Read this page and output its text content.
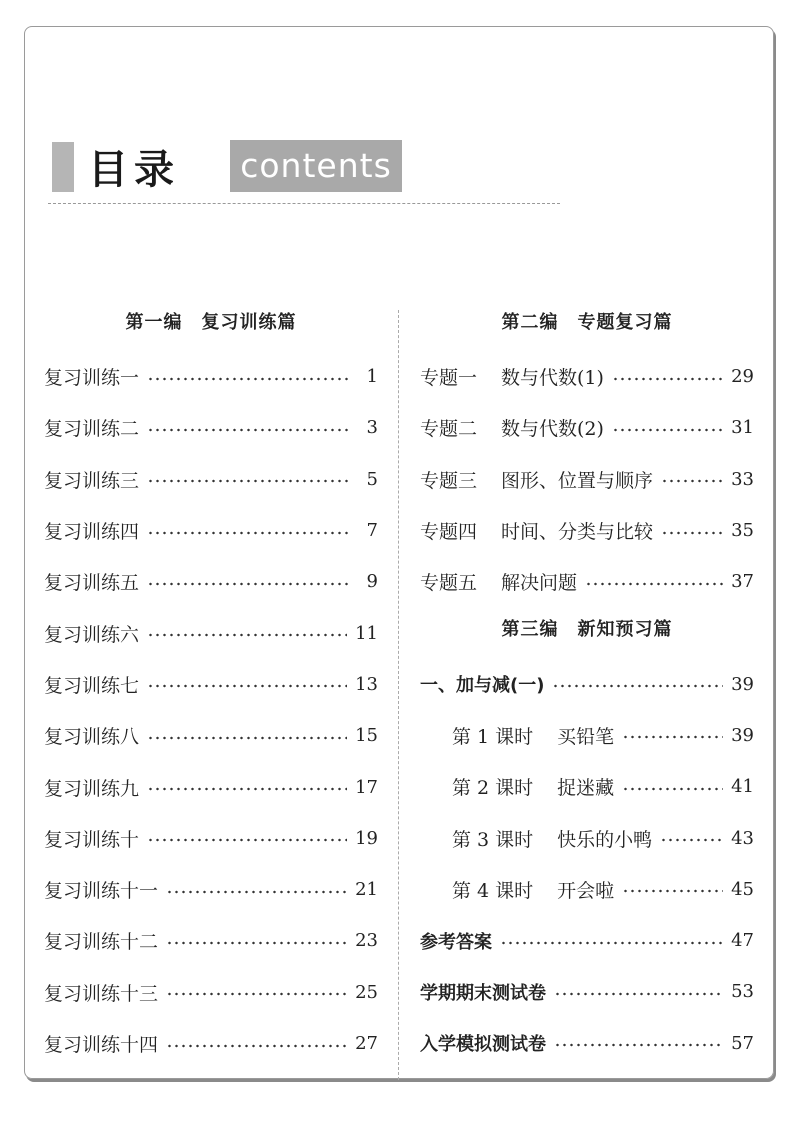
目录	contents
第一编　复习训练篇
复习训练一	1
复习训练二	3
复习训练三	5
复习训练四	7
复习训练五	9
复习训练六	11
复习训练七	13
复习训练八	15
复习训练九	17
复习训练十	19
复习训练十一	21
复习训练十二	23
复习训练十三	25
复习训练十四	27
第二编　专题复习篇
专题一 数与代数(1)	29
专题二 数与代数(2)	31
专题三 图形、位置与顺序	33
专题四 时间、分类与比较	35
专题五 解决问题	37
第三编　新知预习篇
一、加与减(一)	39
第 1 课时 买铅笔	39
第 2 课时 捉迷藏	41
第 3 课时 快乐的小鸭	43
第 4 课时 开会啦	45
参考答案	47
学期期末测试卷	53
入学模拟测试卷	57
